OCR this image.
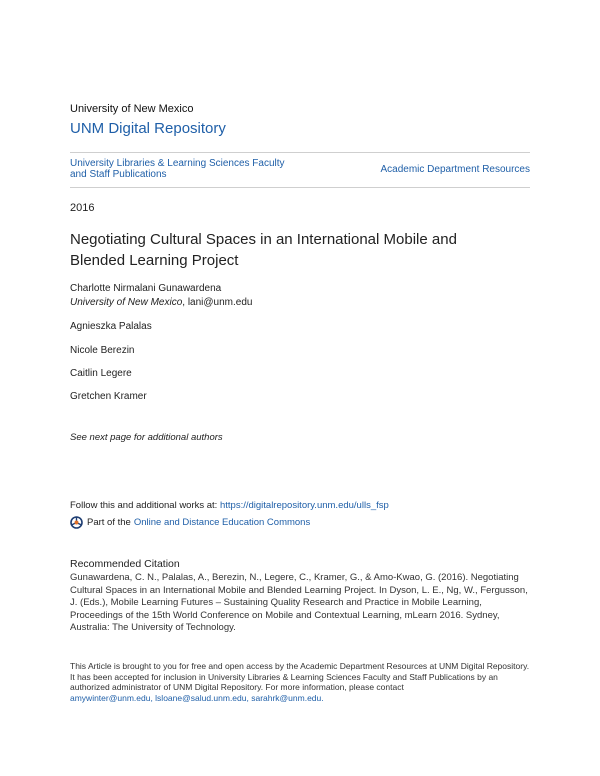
University of New Mexico
UNM Digital Repository
University Libraries & Learning Sciences Faculty
and Staff Publications	Academic Department Resources
2016
Negotiating Cultural Spaces in an International Mobile and
Blended Learning Project
Charlotte Nirmalani Gunawardena
University of New Mexico, lani@unm.edu
Agnieszka Palalas
Nicole Berezin
Caitlin Legere
Gretchen Kramer
See next page for additional authors
Follow this and additional works at: https://digitalrepository.unm.edu/ulls_fsp
Part of the Online and Distance Education Commons
Recommended Citation
Gunawardena, C. N., Palalas, A., Berezin, N., Legere, C., Kramer, G., & Amo-Kwao, G. (2016). Negotiating Cultural Spaces in an International Mobile and Blended Learning Project. In Dyson, L. E., Ng, W., Fergusson, J. (Eds.), Mobile Learning Futures – Sustaining Quality Research and Practice in Mobile Learning, Proceedings of the 15th World Conference on Mobile and Contextual Learning, mLearn 2016. Sydney, Australia: The University of Technology.
This Article is brought to you for free and open access by the Academic Department Resources at UNM Digital Repository. It has been accepted for inclusion in University Libraries & Learning Sciences Faculty and Staff Publications by an authorized administrator of UNM Digital Repository. For more information, please contact
amywinter@unm.edu, lsloane@salud.unm.edu, sarahrk@unm.edu.
